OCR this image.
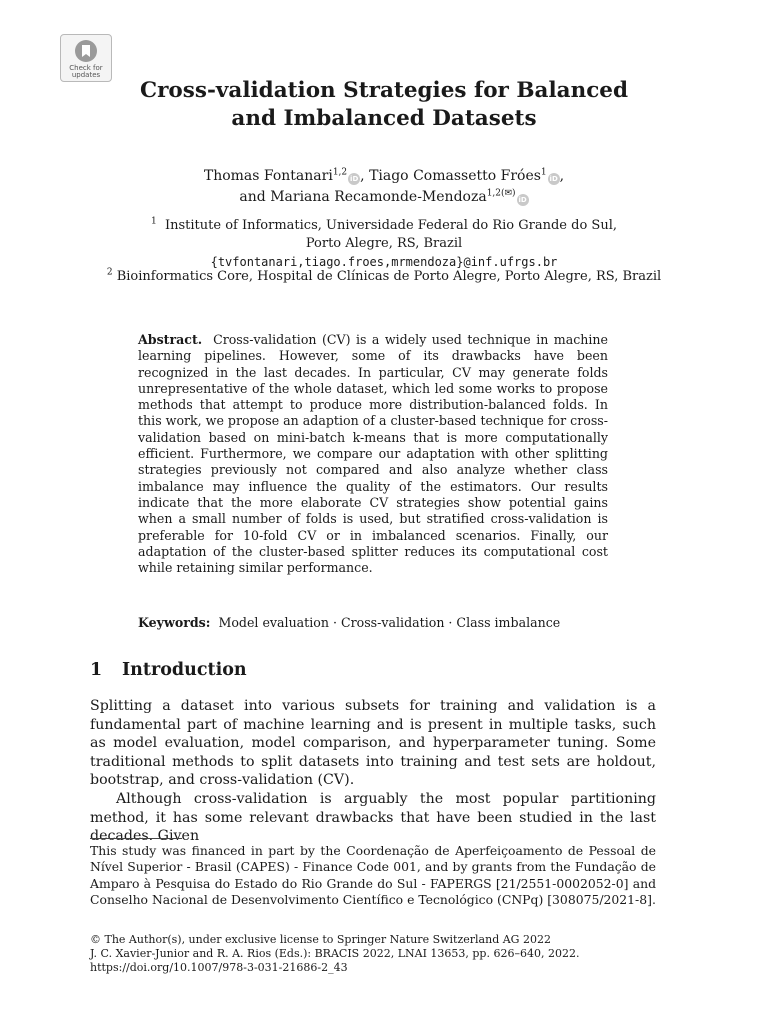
Check for updates
Cross-validation Strategies for Balanced
and Imbalanced Datasets
Thomas Fontanari$^{1,2}$iD , Tiago Comassetto Fróes$^1$iD ,
and Mariana Recamonde-Mendoza$^{1,2(✉)}$iD
$^1$ Institute of Informatics, Universidade Federal do Rio Grande do Sul,
Porto Alegre, RS, Brazil
{tvfontanari,tiago.froes,mrmendoza}@inf.ufrgs.br
$^2$ Bioinformatics Core, Hospital de Clínicas de Porto Alegre, Porto Alegre, RS, Brazil
Abstract. Cross-validation (CV) is a widely used technique in machine learning pipelines. However, some of its drawbacks have been recognized in the last decades. In particular, CV may generate folds unrepresentative of the whole dataset, which led some works to propose methods that attempt to produce more distribution-balanced folds. In this work, we propose an adaption of a cluster-based technique for cross-validation based on mini-batch k-means that is more computationally efficient. Furthermore, we compare our adaptation with other splitting strategies previously not compared and also analyze whether class imbalance may influence the quality of the estimators. Our results indicate that the more elaborate CV strategies show potential gains when a small number of folds is used, but stratified cross-validation is preferable for 10-fold CV or in imbalanced scenarios. Finally, our adaptation of the cluster-based splitter reduces its computational cost while retaining similar performance.
Keywords: Model evaluation · Cross-validation · Class imbalance
1 Introduction

Splitting a dataset into various subsets for training and validation is a fundamental part of machine learning and is present in multiple tasks, such as model evaluation, model comparison, and hyperparameter tuning. Some traditional methods to split datasets into training and test sets are holdout, bootstrap, and cross-validation (CV).

Although cross-validation is arguably the most popular partitioning method, it has some relevant drawbacks that have been studied in the last decades. Given

This study was financed in part by the Coordenação de Aperfeiçoamento de Pessoal de Nível Superior - Brasil (CAPES) - Finance Code 001, and by grants from the Fundação de Amparo à Pesquisa do Estado do Rio Grande do Sul - FAPERGS [21/2551-0002052-0] and Conselho Nacional de Desenvolvimento Científico e Tecnológico (CNPq) [308075/2021-8].
© The Author(s), under exclusive license to Springer Nature Switzerland AG 2022
J. C. Xavier-Junior and R. A. Rios (Eds.): BRACIS 2022, LNAI 13653, pp. 626–640, 2022.
https://doi.org/10.1007/978-3-031-21686-2_43
